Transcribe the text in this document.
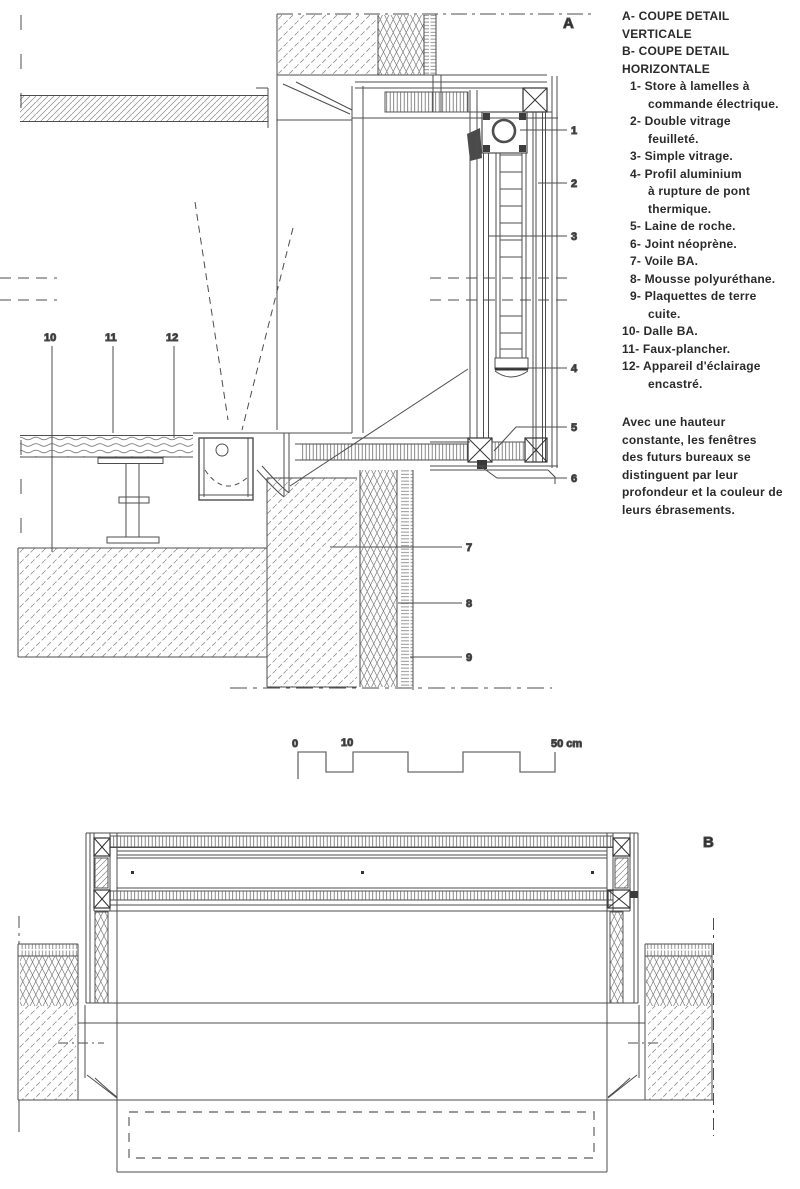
1
2
3
4
5
6
7
8
9
10	11	12
A
0	10	50 cm
B
A- COUPE DETAIL
VERTICALE
B- COUPE DETAIL
HORIZONTALE
1- Store à lamelles à
commande électrique.
2- Double vitrage
feuilleté.
3- Simple vitrage.
4- Profil aluminium
à rupture de pont
thermique.
5- Laine de roche.
6- Joint néoprène.
7- Voile BA.
8- Mousse polyuréthane.
9- Plaquettes de terre
cuite.
10- Dalle BA.
11- Faux-plancher.
12- Appareil d'éclairage
encastré.
Avec une hauteur
constante, les fenêtres
des futurs bureaux se
distinguent par leur
profondeur et la couleur de
leurs ébrasements.
